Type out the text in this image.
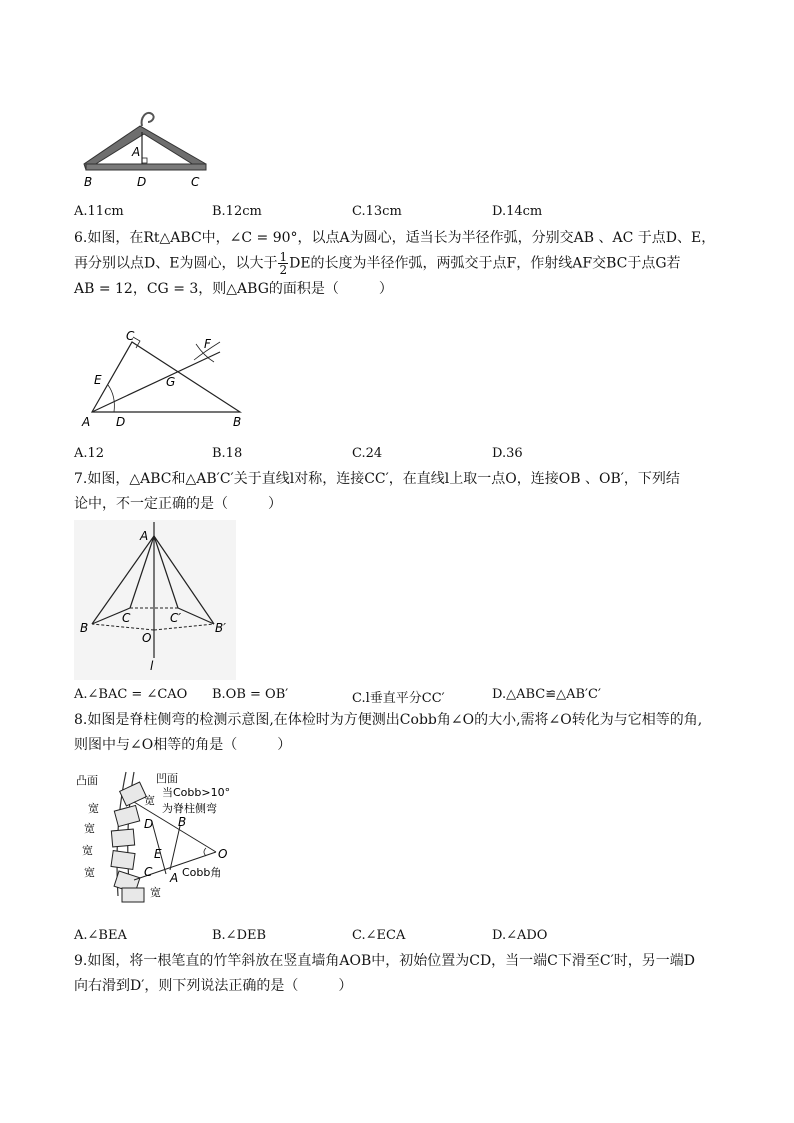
A
B	D	C
A.11cm	B.12cm	C.13cm	D.14cm

6.如图，在Rt△ABC中，∠C = 90°，以点A为圆心，适当长为半径作弧，分别交AB 、AC 于点D、E，

再分别以点D、E为圆心，以大于 $\frac{1}{2}$ DE的长度为半径作弧，两弧交于点F，作射线AF交BC于点G若

AB = 12，CG = 3，则△ABG的面积是（	）

C
F
E	G
A D	B
A.12	B.18	C.24	D.36

7.如图，△ABC和△AB′C′关于直线l对称，连接CC′，在直线l上取一点O，连接OB 、OB′，下列结

论中，不一定正确的是（	）

A
B
C	C′
B′
O
l
A.∠BAC = ∠CAO B.OB = OB′	C.l垂直平分CC′	D.△ABC≌△AB′C′

8.如图是脊柱侧弯的检测示意图,在体检时为方便测出Cobb角∠O的大小,需将∠O转化为与它相等的角,

则图中与∠O相等的角是（	）

凸面	凹面
当Cobb>10°
为脊柱侧弯
宽
宽
宽
宽
宽
宽
D B
E
C A
O
Cobb角
A.∠BEA	B.∠DEB	C.∠ECA	D.∠ADO

9.如图，将一根笔直的竹竿斜放在竖直墙角AOB中，初始位置为CD，当一端C下滑至C′时，另一端D

向右滑到D′，则下列说法正确的是（	）
